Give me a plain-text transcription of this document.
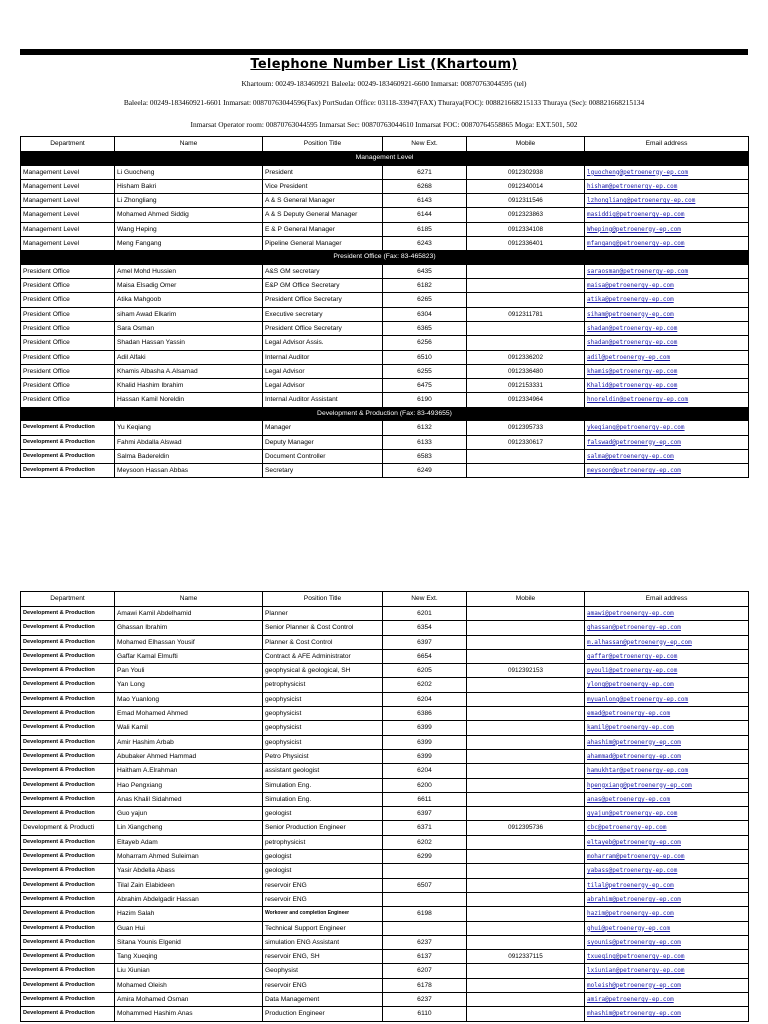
Telephone Number List (Khartoum)
Khartoum: 00249-183460921 Baleela: 00249-183460921-6600 Inmarsat: 00870763044595 (tel)
Baleela: 00249-183460921-6601 Inmarsat: 00870763044596(Fax) PortSudan Office: 03118-33947(FAX) Thuraya(FOC): 008821668215133 Thuraya (Sec): 008821668215134
Inmarsat Operator room: 00870763044595 Inmarsat Sec: 00870763044610 Inmarsat FOC: 00870764558865 Moga: EXT.501, 502
Department	Name	Position Title	New Ext.	Mobile	Email address
Management Level					
Management Level	Li Guocheng	President	6271	0912302938	lguocheng@petroenergy-ep.com
Management Level	Hisham Bakri	Vice President	6268	0912340014	hisham@petroenergy-ep.com
Management Level	Li Zhongliang	A & S General Manager	6143	0912311546	lzhongliang@petroenergy-ep.com
Management Level	Mohamed Ahmed Siddig	A & S Deputy General Manager	6144	0912323863	masiddig@petroenergy-ep.com
Management Level	Wang Heping	E & P General Manager	6185	0912334108	Wheping@petroenergy-ep.com
Management Level	Meng Fangang	Pipeline General Manager	6243	0912336401	mfangang@petroenergy-ep.com
President Office (Fax: 83-465823)					
President Office	Amel Mohd Hussien	A&S GM secretary	6435		saraosman@petroenergy-ep.com
President Office	Maisa Elsadig Omer	E&P GM Office Secretary	6182		maisa@petroenergy-ep.com
President Office	Atika Mahgoob	President Office Secretary	6265		atika@petroenergy-ep.com
President Office	siham Awad Elkarim	Executive secretary	6304	0912311781	siham@petroenergy-ep.com
President Office	Sara Osman	President Office Secretary	6365		shadan@petroenergy-ep.com
President Office	Shadan Hassan Yassin	Legal Advisor Assis.	6256		shadan@petroenergy-ep.com
President Office	Adil Alfaki	Internal Auditor	6510	0912336202	adil@petroenergy-ep.com
President Office	Khamis Albasha A.Alsamad	Legal Advisor	6255	0912336480	khamis@petroenergy-ep.com
President Office	Khalid Hashim Ibrahim	Legal Advisor	6475	0912153331	Khalid@petroenergy-ep.com
President Office	Hassan Kamil Noreldin	Internal Auditor Assistant	6190	0912334964	hnoreldin@petroenergy-ep.com
Development & Production (Fax: 83-493655)					
Development & Production	Yu Keqiang	Manager	6132	0912395733	ykeqiang@petroenergy-ep.com
Development & Production	Fahmi Abdalla Alswad	Deputy Manager	6133	0912330617	falswad@petroenergy-ep.com
Development & Production	Salma Badereldin	Document Controller	6583		salma@petroenergy-ep.com
Development & Production	Meysoon Hassan Abbas	Secretary	6249		meysoon@petroenergy-ep.com
Department	Name	Position Title	New Ext.	Mobile	Email address
Development & Production	Amawi Kamil Abdelhamid	Planner	6201		amawi@petroenergy-ep.com
Development & Production	Ghassan Ibrahim	Senior Planner & Cost Control	6354		ghassan@petroenergy-ep.com
Development & Production	Mohamed Elhassan Yousif	Planner & Cost Control	6397		m.alhassan@petroenergy-ep.com
Development & Production	Gaffar Kamal Elmufti	Contract & AFE Administrator	6654		gaffar@petroenergy-ep.com
Development & Production	Pan Youli	geophysical & geological, SH	6205	0912392153	pyouli@petroenergy-ep.com
Development & Production	Yan Long	petrophysicist	6202		ylong@petroenergy-ep.com
Development & Production	Mao Yuanlong	geophysicist	6204		myuanlong@petroenergy-ep.com
Development & Production	Emad Mohamed Ahmed	geophysicist	6386		emad@petroenergy-ep.com
Development & Production	Wali Kamil	geophysicist	6399		kamil@petroenergy-ep.com
Development & Production	Amir Hashim Arbab	geophysicist	6399		ahashim@petroenergy-ep.com
Development & Production	Abubaker Ahmed Hammad	Petro Physicist	6399		ahammad@petroenergy-ep.com
Development & Production	Haitham A.Elrahman	assistant geologist	6204		hamukhtar@petroenergy-ep.com
Development & Production	Hao Pengxiang	Simulation Eng.	6200		hpengxiang@petroenergy-ep.com
Development & Production	Anas Khalil Sidahmed	Simulation Eng.	6611		anas@petroenergy-ep.com
Development & Production	Guo yajun	geologist	6397		gyajun@petroenergy-ep.com
Development & Producti	Lin Xiangcheng	Senior Production Engineer	6371	0912395736	cbc@petroenergy-ep.com
Development & Production	Eltayeb Adam	petrophysicist	6202		eltayeb@petroenergy-ep.com
Development & Production	Moharram Ahmed Suleiman	geologist	6299		moharram@petroenergy-ep.com
Development & Production	Yasir Abdella Abass	geologist			yabass@petroenergy-ep.com
Development & Production	Tilal Zain Elabideen	reservoir ENG	6507		tilal@petroenergy-ep.com
Development & Production	Abrahim Abdelgadir Hassan	reservoir ENG			abrahim@petroenergy-ep.com
Development & Production	Hazim Salah	Workover and completion Engineer	6198		hazim@petroenergy-ep.com
Development & Production	Guan Hui	Technical Support Engineer			ghui@petroenergy-ep.com
Development & Production	Sitana Younis Elgenid	simulation ENG Assistant	6237		syounis@petroenergy-ep.com
Development & Production	Tang Xueqing	reservoir ENG, SH	6137	0912337115	txueqing@petroenergy-ep.com
Development & Production	Liu Xiunian	Geophysist	6207		lxiunian@petroenergy-ep.com
Development & Production	Mohamed Oleish	reservoir ENG	6178		moleish@petroenergy-ep.com
Development & Production	Amira Mohamed Osman	Data Management	6237		amira@petroenergy-ep.com
Development & Production	Mohammed Hashim Anas	Production Engineer	6110		mhashim@petroenergy-ep.com
